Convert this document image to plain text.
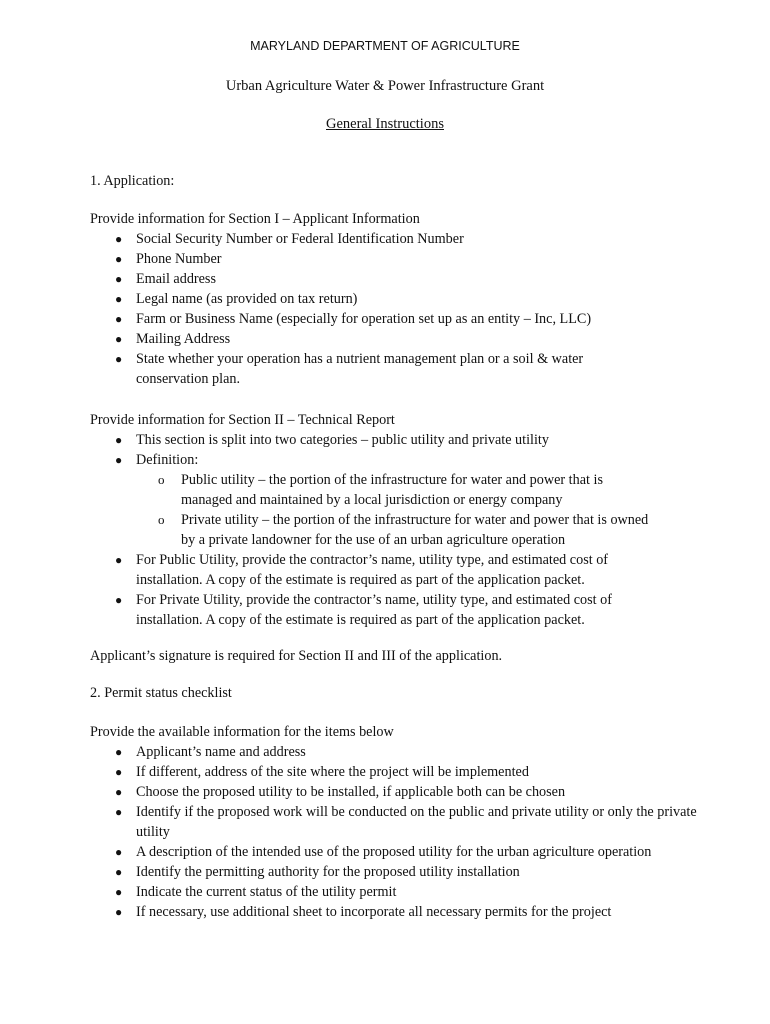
MARYLAND DEPARTMENT OF AGRICULTURE
Urban Agriculture Water & Power Infrastructure Grant
General Instructions

1. Application:

Provide information for Section I – Applicant Information

● Social Security Number or Federal Identification Number
● Phone Number
● Email address
● Legal name (as provided on tax return)
● Farm or Business Name (especially for operation set up as an entity – Inc, LLC)
● Mailing Address
● State whether your operation has a nutrient management plan or a soil & water conservation plan.

Provide information for Section II – Technical Report

● This section is split into two categories – public utility and private utility
● Definition:
o Public utility – the portion of the infrastructure for water and power that is managed and maintained by a local jurisdiction or energy company
o Private utility – the portion of the infrastructure for water and power that is owned by a private landowner for the use of an urban agriculture operation
● For Public Utility, provide the contractor’s name, utility type, and estimated cost of installation. A copy of the estimate is required as part of the application packet.
● For Private Utility, provide the contractor’s name, utility type, and estimated cost of installation. A copy of the estimate is required as part of the application packet.

Applicant’s signature is required for Section II and III of the application.

2. Permit status checklist

Provide the available information for the items below

● Applicant’s name and address
● If different, address of the site where the project will be implemented
● Choose the proposed utility to be installed, if applicable both can be chosen
● Identify if the proposed work will be conducted on the public and private utility or only the private utility
● A description of the intended use of the proposed utility for the urban agriculture operation
● Identify the permitting authority for the proposed utility installation
● Indicate the current status of the utility permit
● If necessary, use additional sheet to incorporate all necessary permits for the project
